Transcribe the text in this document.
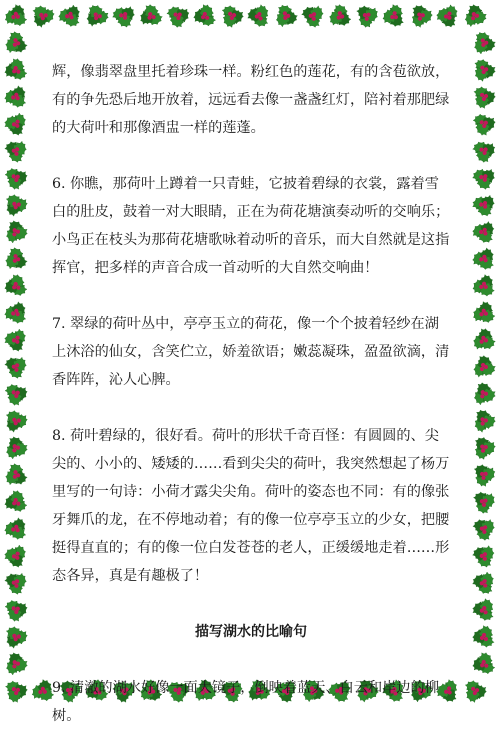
辉，像翡翠盘里托着珍珠一样。粉红色的莲花，有的含苞欲放，有的争先恐后地开放着，远远看去像一盏盏红灯，陪衬着那肥绿的大荷叶和那像酒盅一样的莲蓬。

6. 你瞧，那荷叶上蹲着一只青蛙，它披着碧绿的衣裳，露着雪白的肚皮，鼓着一对大眼睛，正在为荷花塘演奏动听的交响乐；小鸟正在枝头为那荷花塘歌咏着动听的音乐，而大自然就是这指挥官，把多样的声音合成一首动听的大自然交响曲！

7. 翠绿的荷叶丛中，亭亭玉立的荷花，像一个个披着轻纱在湖上沐浴的仙女，含笑伫立，娇羞欲语；嫩蕊凝珠，盈盈欲滴，清香阵阵，沁人心脾。

8. 荷叶碧绿的，很好看。荷叶的形状千奇百怪：有圆圆的、尖尖的、小小的、矮矮的……看到尖尖的荷叶，我突然想起了杨万里写的一句诗：小荷才露尖尖角。荷叶的姿态也不同：有的像张牙舞爪的龙，在不停地动着；有的像一位亭亭玉立的少女，把腰挺得直直的；有的像一位白发苍苍的老人，正缓缓地走着……形态各异，真是有趣极了！

描写湖水的比喻句

9. 清澈的湖水好像一面大镜子，倒映着蓝天、白云和岸边的柳树。
